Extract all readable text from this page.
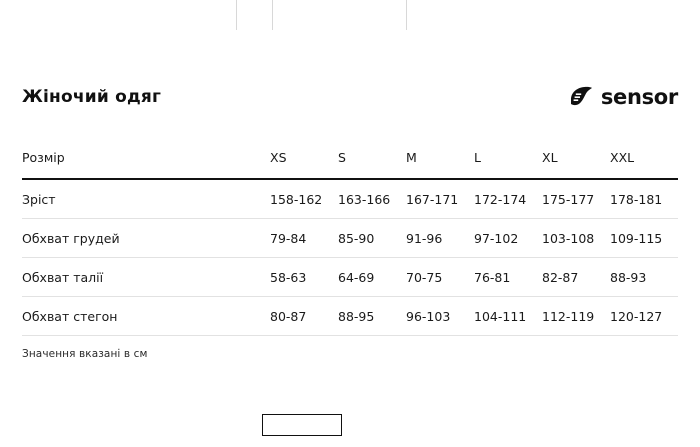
Жіночий одяг	sensor
Розмір	XS	S	M	L	XL	XXL
Зріст	158-162	163-166	167-171	172-174	175-177	178-181
Обхват грудей	79-84	85-90	91-96	97-102	103-108	109-115
Обхват талії	58-63	64-69	70-75	76-81	82-87	88-93
Обхват стегон	80-87	88-95	96-103	104-111	112-119	120-127
Значення вказані в см
